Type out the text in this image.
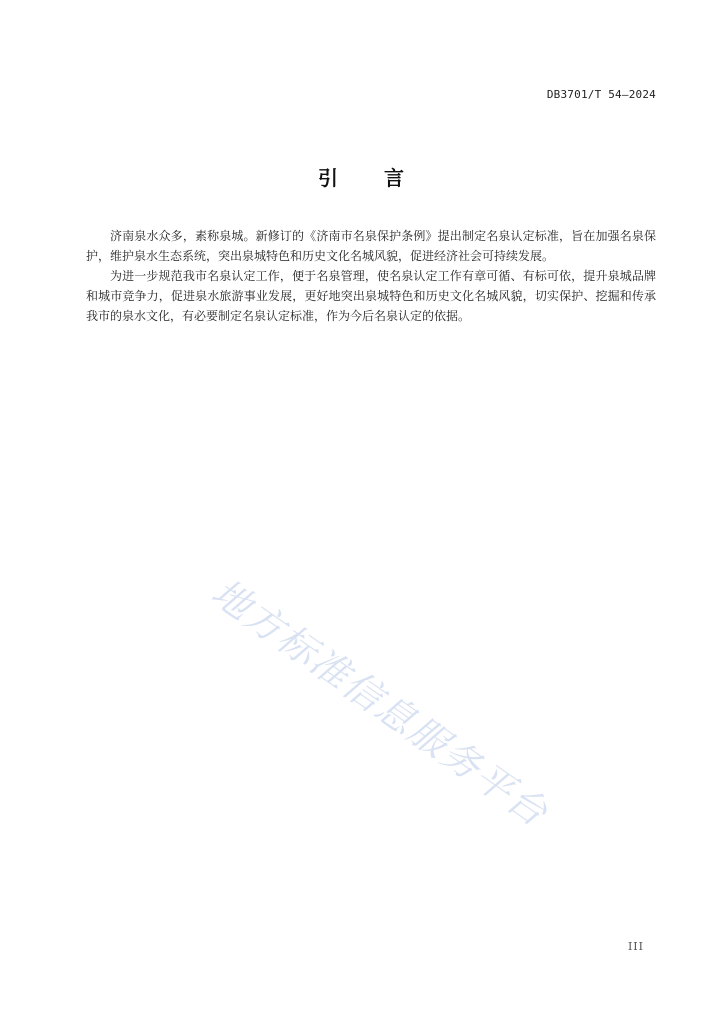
DB3701/T 54—2024
引　　言

济南泉水众多，素称泉城。新修订的《济南市名泉保护条例》提出制定名泉认定标准，旨在加强名泉保护，维护泉水生态系统，突出泉城特色和历史文化名城风貌，促进经济社会可持续发展。

为进一步规范我市名泉认定工作，便于名泉管理，使名泉认定工作有章可循、有标可依，提升泉城品牌和城市竞争力，促进泉水旅游事业发展，更好地突出泉城特色和历史文化名城风貌，切实保护、挖掘和传承我市的泉水文化，有必要制定名泉认定标准，作为今后名泉认定的依据。

地方标准信息服务平台
III
